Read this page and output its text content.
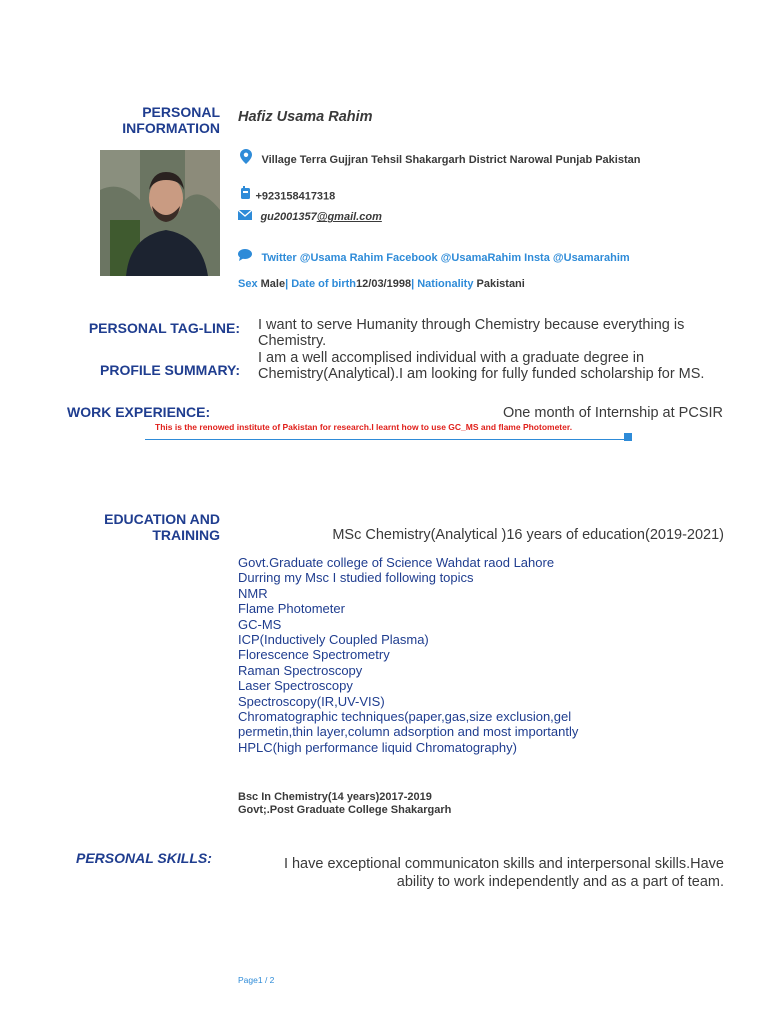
PERSONAL
INFORMATION
Hafiz Usama Rahim
Village Terra Gujjran Tehsil Shakargarh District Narowal Punjab Pakistan
+923158417318
gu2001357@gmail.com
Twitter @Usama Rahim Facebook @UsamaRahim Insta @Usamarahim
Sex Male| Date of birth12/03/1998| Nationality Pakistani
PERSONAL TAG-LINE: I want to serve Humanity through Chemistry because everything is Chemistry.
PROFILE SUMMARY:
I am a well accomplised individual with a graduate degree in Chemistry(Analytical).I am looking for fully funded scholarship for MS.
WORK EXPERIENCE:	One month of Internship at PCSIR
This is the renowed institute of Pakistan for research.I learnt how to use GC_MS and flame Photometer.
EDUCATION AND
TRAINING	MSc Chemistry(Analytical )16 years of education(2019-2021)
Govt.Graduate college of Science Wahdat raod Lahore
Durring my Msc I studied following topics
NMR
Flame Photometer
GC-MS
ICP(Inductively Coupled Plasma)
Florescence Spectrometry
Raman Spectroscopy
Laser Spectroscopy
Spectroscopy(IR,UV-VIS)
Chromatographic techniques(paper,gas,size exclusion,gel
permetin,thin layer,column adsorption and most importantly
HPLC(high performance liquid Chromatography)
Bsc In Chemistry(14 years)2017-2019
Govt;.Post Graduate College Shakargarh
PERSONAL SKILLS:	I have exceptional communicaton skills and interpersonal skills.Have
ability to work independently and as a part of team.
Page1 / 2
